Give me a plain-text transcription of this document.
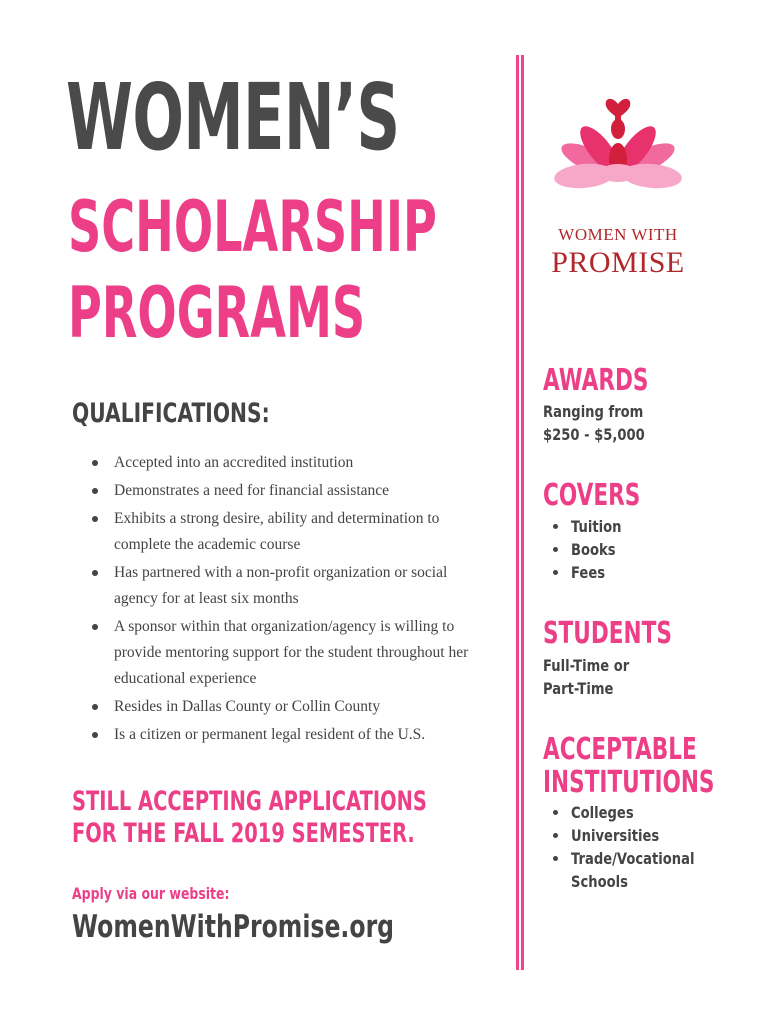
WOMEN’S
SCHOLARSHIP
PROGRAMS
QUALIFICATIONS:
Accepted into an accredited institution
Demonstrates a need for financial assistance
Exhibits a strong desire, ability and determination to complete the academic course
Has partnered with a non-profit organization or social agency for at least six months
A sponsor within that organization/agency is willing to provide mentoring support for the student throughout her educational experience
Resides in Dallas County or Collin County
Is a citizen or permanent legal resident of the U.S.
STILL ACCEPTING APPLICATIONS
FOR THE FALL 2019 SEMESTER.
Apply via our website:
WomenWithPromise.org
WOMEN WITH
PROMISE
AWARDS
Ranging from
$250 - $5,000
COVERS
Tuition
Books
Fees
STUDENTS
Full-Time or
Part-Time
ACCEPTABLE
INSTITUTIONS
Colleges
Universities
Trade/Vocational
Schools
